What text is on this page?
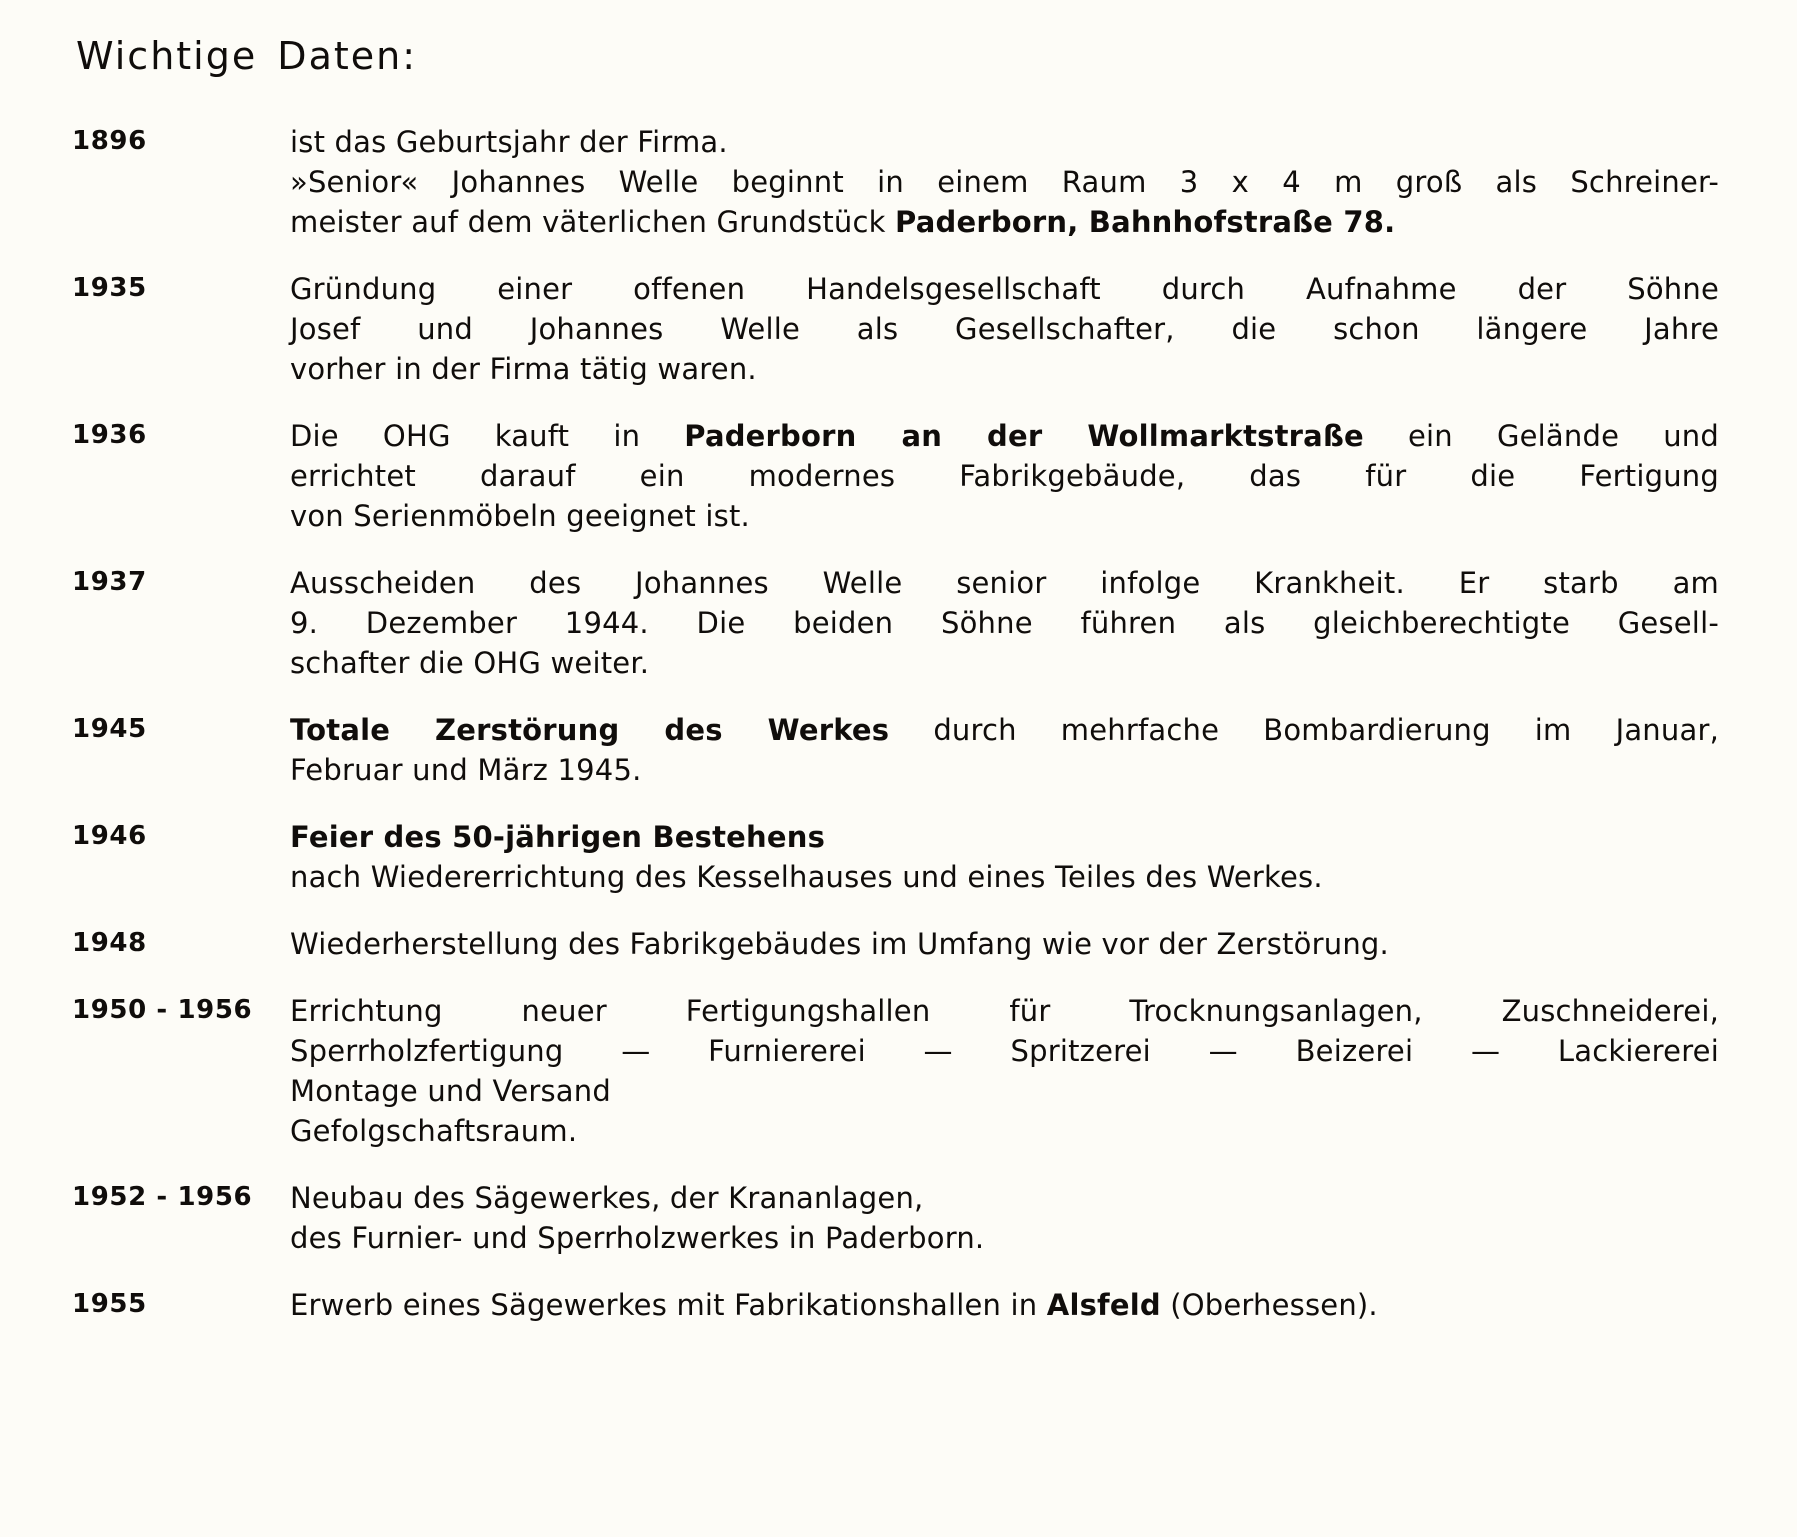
Wichtige Daten:
1896	ist das Geburtsjahr der Firma.
»Senior« Johannes Welle beginnt in einem Raum 3 x 4 m groß als Schreiner-
meister auf dem väterlichen Grundstück Paderborn, Bahnhofstraße 78.
1935	Gründung einer offenen Handelsgesellschaft durch Aufnahme der Söhne
Josef und Johannes Welle als Gesellschafter, die schon längere Jahre
vorher in der Firma tätig waren.
1936	Die OHG kauft in Paderborn an der Wollmarktstraße ein Gelände und
errichtet darauf ein modernes Fabrikgebäude, das für die Fertigung
von Serienmöbeln geeignet ist.
1937	Ausscheiden des Johannes Welle senior infolge Krankheit. Er starb am
9. Dezember 1944. Die beiden Söhne führen als gleichberechtigte Gesell-
schafter die OHG weiter.
1945	Totale Zerstörung des Werkes durch mehrfache Bombardierung im Januar,
Februar und März 1945.
1946	Feier des 50-jährigen Bestehens
nach Wiedererrichtung des Kesselhauses und eines Teiles des Werkes.
1948	Wiederherstellung des Fabrikgebäudes im Umfang wie vor der Zerstörung.
1950 - 1956	Errichtung neuer Fertigungshallen für Trocknungsanlagen, Zuschneiderei,
Sperrholzfertigung — Furniererei — Spritzerei — Beizerei — Lackiererei
Montage und Versand
Gefolgschaftsraum.
1952 - 1956	Neubau des Sägewerkes, der Krananlagen,
des Furnier- und Sperrholzwerkes in Paderborn.
1955	Erwerb eines Sägewerkes mit Fabrikationshallen in Alsfeld (Oberhessen).
